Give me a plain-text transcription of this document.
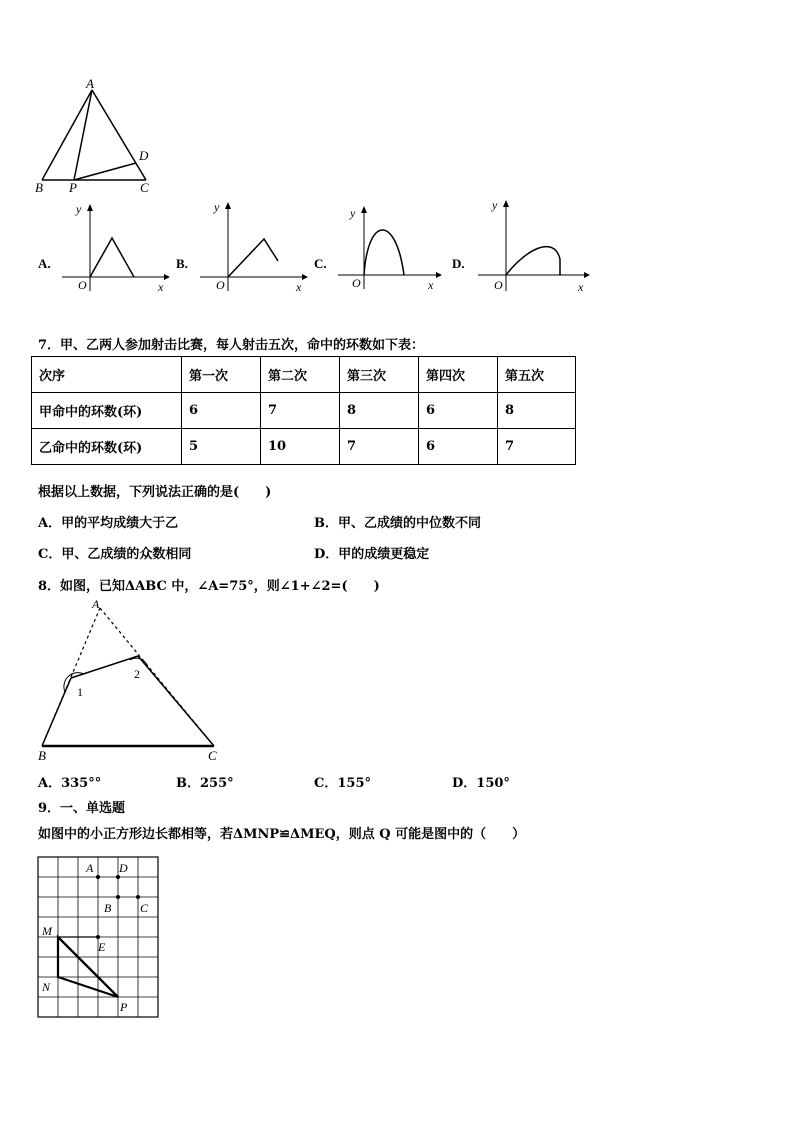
A
B P	C
D
A.
y
O	x
B.
y
O	x
C.
y
O	x
D.
y
O	x
7．甲、乙两人参加射击比赛，每人射击五次，命中的环数如下表：
次序	第一次	第二次	第三次	第四次	第五次
甲命中的环数(环)	6	7	8	6	8
乙命中的环数(环)	5	10	7	6	7
根据以上数据，下列说法正确的是(　　)
A．甲的平均成绩大于乙	B．甲、乙成绩的中位数不同
C．甲、乙成绩的众数相同	D．甲的成绩更稳定
8．如图，已知ΔABC 中，∠A=75°，则∠1+∠2=(　　)
A
B	C
1
2
A．335°°	B．255°	C．155°	D．150°
9．一、单选题
如图中的小正方形边长都相等，若ΔMNP≌ΔMEQ，则点 Q 可能是图中的（　　）
A D
B C
M
E
N
P
